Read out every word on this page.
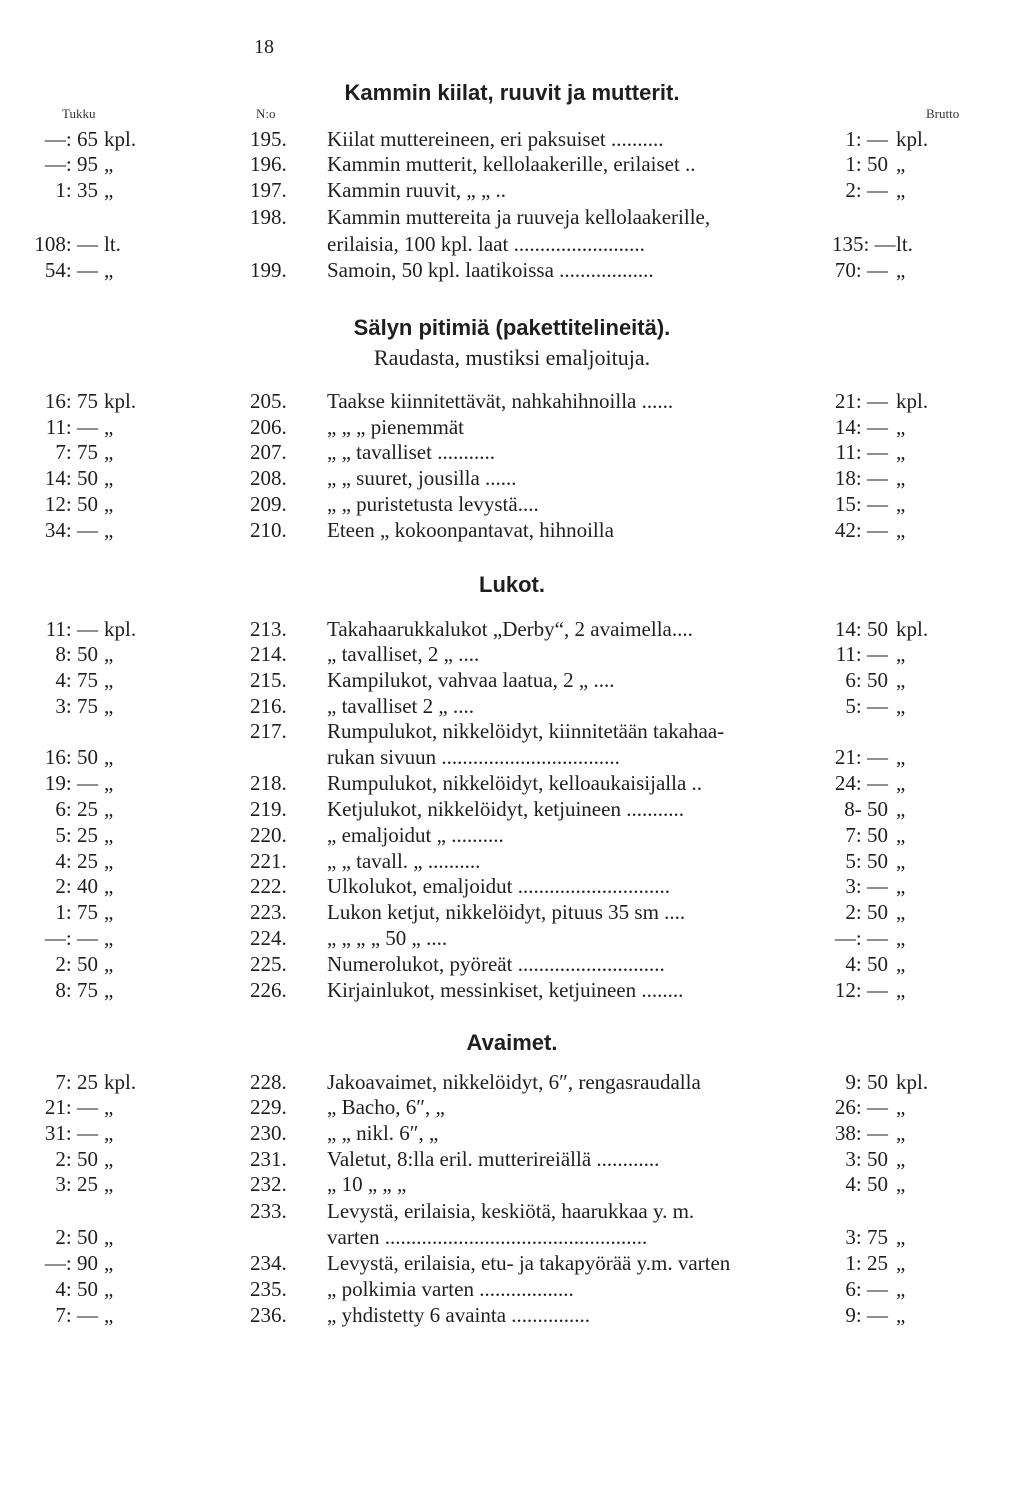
18
Tukku	N:o	Brutto
Kammin kiilat, ruuvit ja mutterit.
—: 65 kpl.	195. Kiilat muttereineen, eri paksuiset ..........	1: — kpl.
—: 95 „	196. Kammin mutterit, kellolaakerille, erilaiset ..	1: 50 „
1: 35 „	197. Kammin ruuvit, „ „ ..	2: — „
198. Kammin muttereita ja ruuveja kellolaakerille,
108: — lt.	erilaisia, 100 kpl. laat .........................	135: — lt.
54: — „	199. Samoin, 50 kpl. laatikoissa ..................	70: — „
Sälyn pitimiä (pakettitelineitä).
Raudasta, mustiksi emaljoituja.
16: 75 kpl.	205. Taakse kiinnitettävät, nahkahihnoilla ......	21: — kpl.
11: — „	206. „ „ „ pienemmät	14: — „
7: 75 „	207. „ „ tavalliset ...........	11: — „
14: 50 „	208. „ „ suuret, jousilla ......	18: — „
12: 50 „	209. „ „ puristetusta levystä....	15: — „
34: — „	210. Eteen „ kokoonpantavat, hihnoilla	42: — „
Lukot.
11: — kpl.	213. Takahaarukkalukot „Derby“, 2 avaimella....	14: 50 kpl.
8: 50 „	214. „ tavalliset, 2 „ ....	11: — „
4: 75 „	215. Kampilukot, vahvaa laatua, 2 „ ....	6: 50 „
3: 75 „	216. „ tavalliset 2 „ ....	5: — „
217. Rumpulukot, nikkelöidyt, kiinnitetään takahaa-
16: 50 „	rukan sivuun ..................................	21: — „
19: — „	218. Rumpulukot, nikkelöidyt, kelloaukaisijalla ..	24: — „
6: 25 „	219. Ketjulukot, nikkelöidyt, ketjuineen ...........	8- 50 „
5: 25 „	220. „ emaljoidut „ ..........	7: 50 „
4: 25 „	221. „ „ tavall. „ ..........	5: 50 „
2: 40 „	222. Ulkolukot, emaljoidut .............................	3: — „
1: 75 „	223. Lukon ketjut, nikkelöidyt, pituus 35 sm ....	2: 50 „
—: — „	224. „ „ „ „ 50 „ ....	—: — „
2: 50 „	225. Numerolukot, pyöreät ............................	4: 50 „
8: 75 „	226. Kirjainlukot, messinkiset, ketjuineen ........	12: — „
Avaimet.
7: 25 kpl.	228. Jakoavaimet, nikkelöidyt, 6″, rengasraudalla	9: 50 kpl.
21: — „	229. „ Bacho, 6″, „	26: — „
31: — „	230. „ „ nikl. 6″, „	38: — „
2: 50 „	231. Valetut, 8:lla eril. mutterireiällä ............	3: 50 „
3: 25 „	232. „ 10 „ „ „	4: 50 „
233. Levystä, erilaisia, keskiötä, haarukkaa y. m.
2: 50 „	varten ..................................................	3: 75 „
—: 90 „	234. Levystä, erilaisia, etu- ja takapyörää y.m. varten	1: 25 „
4: 50 „	235. „ polkimia varten ..................	6: — „
7: — „	236. „ yhdistetty 6 avainta ...............	9: — „
